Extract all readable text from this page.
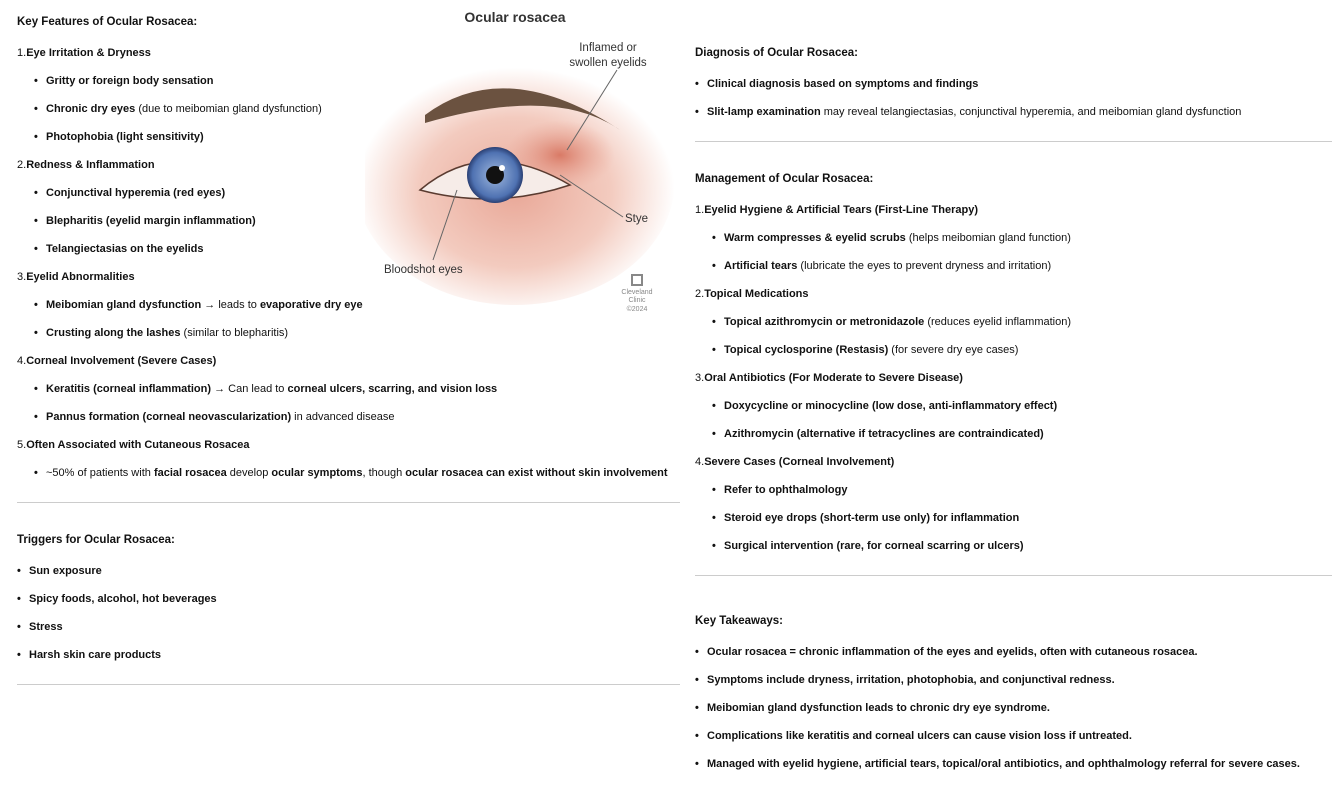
Key Features of Ocular Rosacea:
1.Eye Irritation & Dryness
• Gritty or foreign body sensation
• Chronic dry eyes (due to meibomian gland dysfunction)
• Photophobia (light sensitivity)
2.Redness & Inflammation
• Conjunctival hyperemia (red eyes)
• Blepharitis (eyelid margin inflammation)
• Telangiectasias on the eyelids
3.Eyelid Abnormalities
• Meibomian gland dysfunction → leads to evaporative dry eye
• Crusting along the lashes (similar to blepharitis)
4.Corneal Involvement (Severe Cases)
• Keratitis (corneal inflammation) → Can lead to corneal ulcers, scarring, and vision loss
• Pannus formation (corneal neovascularization) in advanced disease
5.Often Associated with Cutaneous Rosacea
• ~50% of patients with facial rosacea develop ocular symptoms, though ocular rosacea can exist without skin involvement
Triggers for Ocular Rosacea:
• Sun exposure
• Spicy foods, alcohol, hot beverages
• Stress
• Harsh skin care products
Diagnosis of Ocular Rosacea:
• Clinical diagnosis based on symptoms and findings
• Slit-lamp examination may reveal telangiectasias, conjunctival hyperemia, and meibomian gland dysfunction
Management of Ocular Rosacea:
1.Eyelid Hygiene & Artificial Tears (First-Line Therapy)
• Warm compresses & eyelid scrubs (helps meibomian gland function)
• Artificial tears (lubricate the eyes to prevent dryness and irritation)
2.Topical Medications
• Topical azithromycin or metronidazole (reduces eyelid inflammation)
• Topical cyclosporine (Restasis) (for severe dry eye cases)
3.Oral Antibiotics (For Moderate to Severe Disease)
• Doxycycline or minocycline (low dose, anti-inflammatory effect)
• Azithromycin (alternative if tetracyclines are contraindicated)
4.Severe Cases (Corneal Involvement)
• Refer to ophthalmology
• Steroid eye drops (short-term use only) for inflammation
• Surgical intervention (rare, for corneal scarring or ulcers)
Key Takeaways:
• Ocular rosacea = chronic inflammation of the eyes and eyelids, often with cutaneous rosacea.
• Symptoms include dryness, irritation, photophobia, and conjunctival redness.
• Meibomian gland dysfunction leads to chronic dry eye syndrome.
• Complications like keratitis and corneal ulcers can cause vision loss if untreated.
• Managed with eyelid hygiene, artificial tears, topical/oral antibiotics, and ophthalmology referral for severe cases.
Ocular rosacea
Inflamed or
swollen eyelids
Stye
Bloodshot eyes
Cleveland
Clinic
©2024
